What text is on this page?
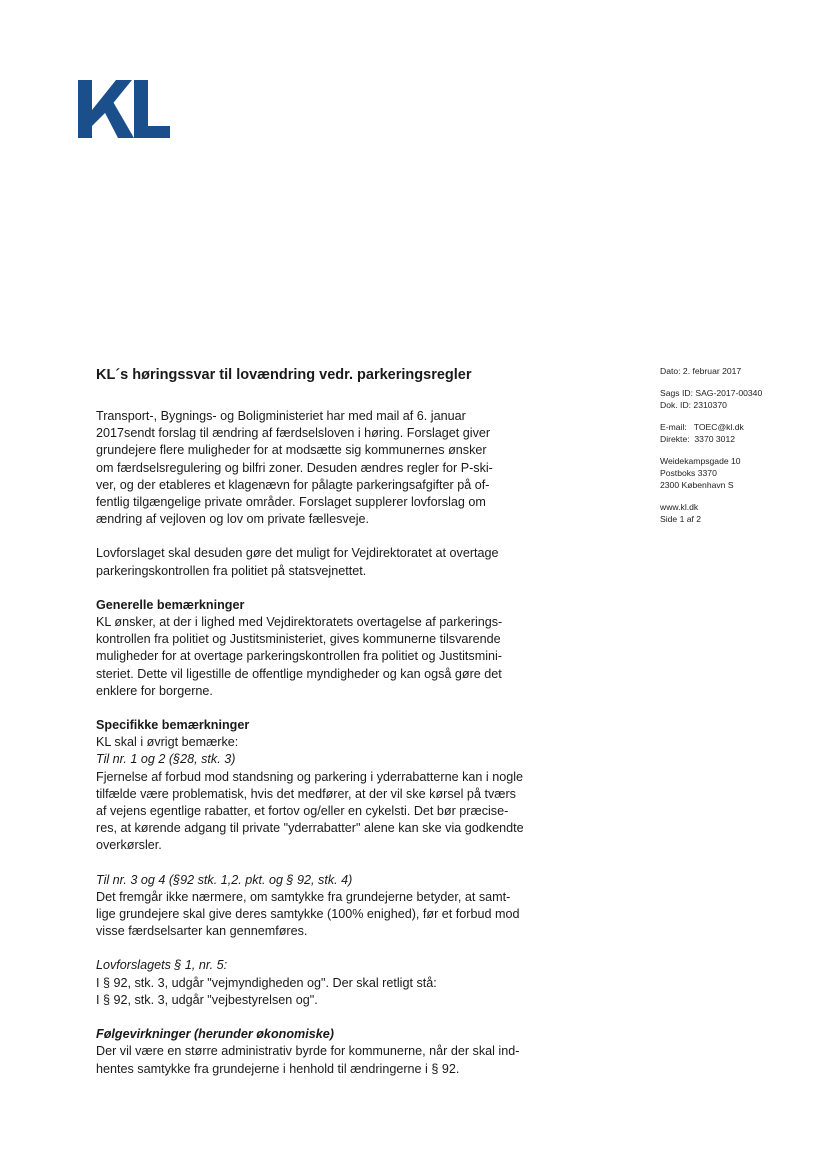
KL´s høringssvar til lovændring vedr. parkeringsregler	Dato: 2. februar 2017
Sags ID: SAG-2017-00340
Dok. ID: 2310370
E-mail:   TOEC@kl.dk
Direkte:  3370 3012
Weidekampsgade 10
Postboks 3370
2300 København S
www.kl.dk
Side 1 af 2

Transport-, Bygnings- og Boligministeriet har med mail af 6. januar

2017sendt forslag til ændring af færdselsloven i høring. Forslaget giver

grundejere flere muligheder for at modsætte sig kommunernes ønsker

om færdselsregulering og bilfri zoner. Desuden ændres regler for P-ski-

ver, og der etableres et klagenævn for pålagte parkeringsafgifter på of-

fentlig tilgængelige private områder. Forslaget supplerer lovforslag om

ændring af vejloven og lov om private fællesveje.

Lovforslaget skal desuden gøre det muligt for Vejdirektoratet at overtage

parkeringskontrollen fra politiet på statsvejnettet.

Generelle bemærkninger

KL ønsker, at der i lighed med Vejdirektoratets overtagelse af parkerings-

kontrollen fra politiet og Justitsministeriet, gives kommunerne tilsvarende

muligheder for at overtage parkeringskontrollen fra politiet og Justitsmini-

steriet. Dette vil ligestille de offentlige myndigheder og kan også gøre det

enklere for borgerne.

Specifikke bemærkninger

KL skal i øvrigt bemærke:

Til nr. 1 og 2 (§28, stk. 3)

Fjernelse af forbud mod standsning og parkering i yderrabatterne kan i nogle

tilfælde være problematisk, hvis det medfører, at der vil ske kørsel på tværs

af vejens egentlige rabatter, et fortov og/eller en cykelsti. Det bør præcise-

res, at kørende adgang til private "yderrabatter" alene kan ske via godkendte

overkørsler.

Til nr. 3 og 4 (§92 stk. 1,2. pkt. og § 92, stk. 4)

Det fremgår ikke nærmere, om samtykke fra grundejerne betyder, at samt-

lige grundejere skal give deres samtykke (100% enighed), før et forbud mod

visse færdselsarter kan gennemføres.

Lovforslagets § 1, nr. 5:

I § 92, stk. 3, udgår "vejmyndigheden og". Der skal retligt stå:

I § 92, stk. 3, udgår "vejbestyrelsen og".

Følgevirkninger (herunder økonomiske)

Der vil være en større administrativ byrde for kommunerne, når der skal ind-

hentes samtykke fra grundejerne i henhold til ændringerne i § 92.
